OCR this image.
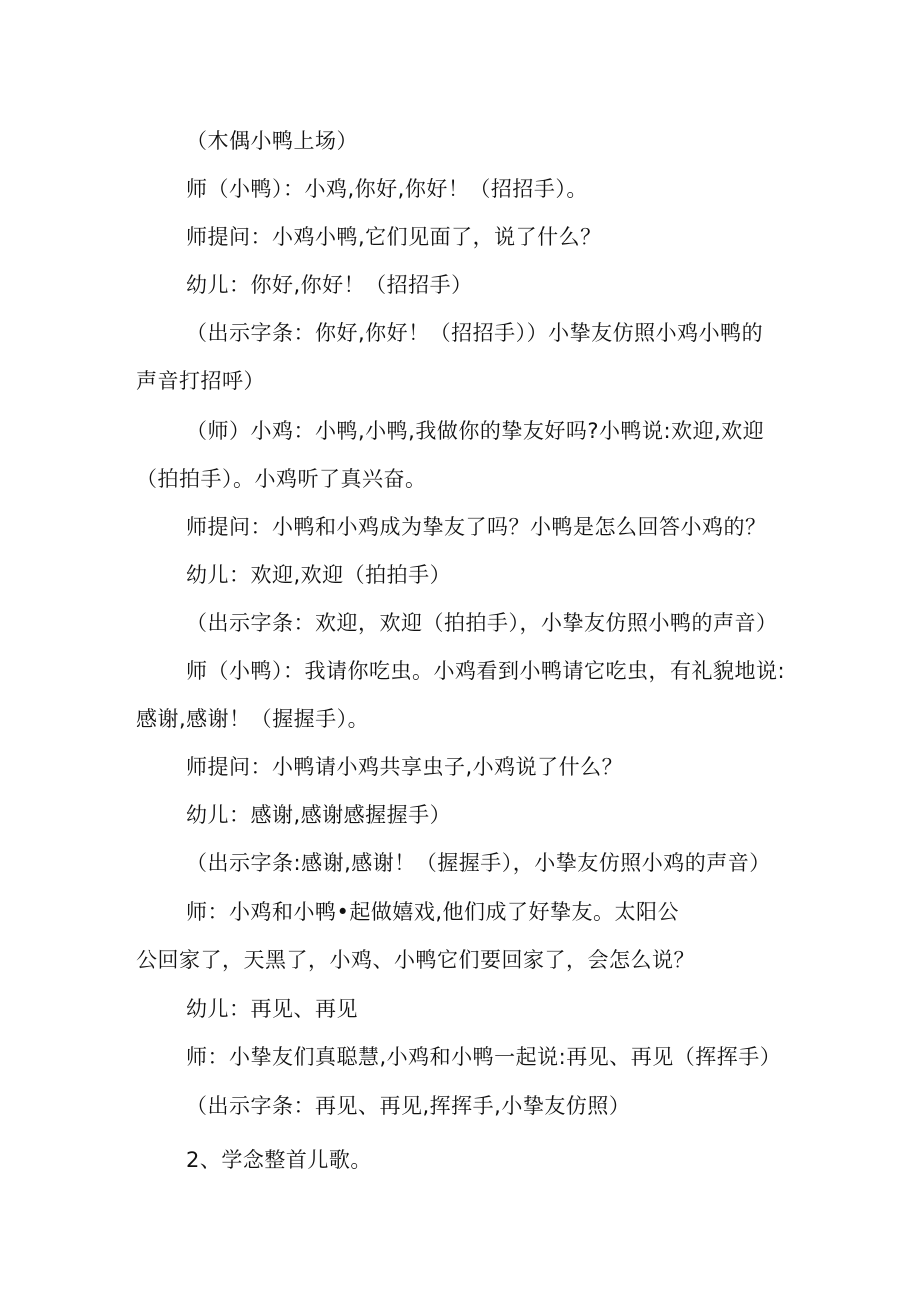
（木偶小鸭上场）
师（小鸭）：小鸡,你好,你好！（招招手）。
师提问：小鸡小鸭,它们见面了，说了什么？
幼儿：你好,你好！（招招手）
（出示字条：你好,你好！（招招手））小挚友仿照小鸡小鸭的
声音打招呼）
（师）小鸡：小鸭,小鸭,我做你的挚友好吗?小鸭说:欢迎,欢迎
（拍拍手）。小鸡听了真兴奋。
师提问：小鸭和小鸡成为挚友了吗？小鸭是怎么回答小鸡的？
幼儿：欢迎,欢迎（拍拍手）
（出示字条：欢迎，欢迎（拍拍手），小挚友仿照小鸭的声音）
师（小鸭）：我请你吃虫。小鸡看到小鸭请它吃虫，有礼貌地说:
感谢,感谢！（握握手）。
师提问：小鸭请小鸡共享虫子,小鸡说了什么？
幼儿：感谢,感谢感握握手）
（出示字条:感谢,感谢！（握握手），小挚友仿照小鸡的声音）
师：小鸡和小鸭•起做嬉戏,他们成了好挚友。太阳公
公回家了，天黑了，小鸡、小鸭它们要回家了，会怎么说？
幼儿：再见、再见
师：小挚友们真聪慧,小鸡和小鸭一起说:再见、再见（挥挥手）
（出示字条：再见、再见,挥挥手,小挚友仿照）
2、学念整首儿歌。
